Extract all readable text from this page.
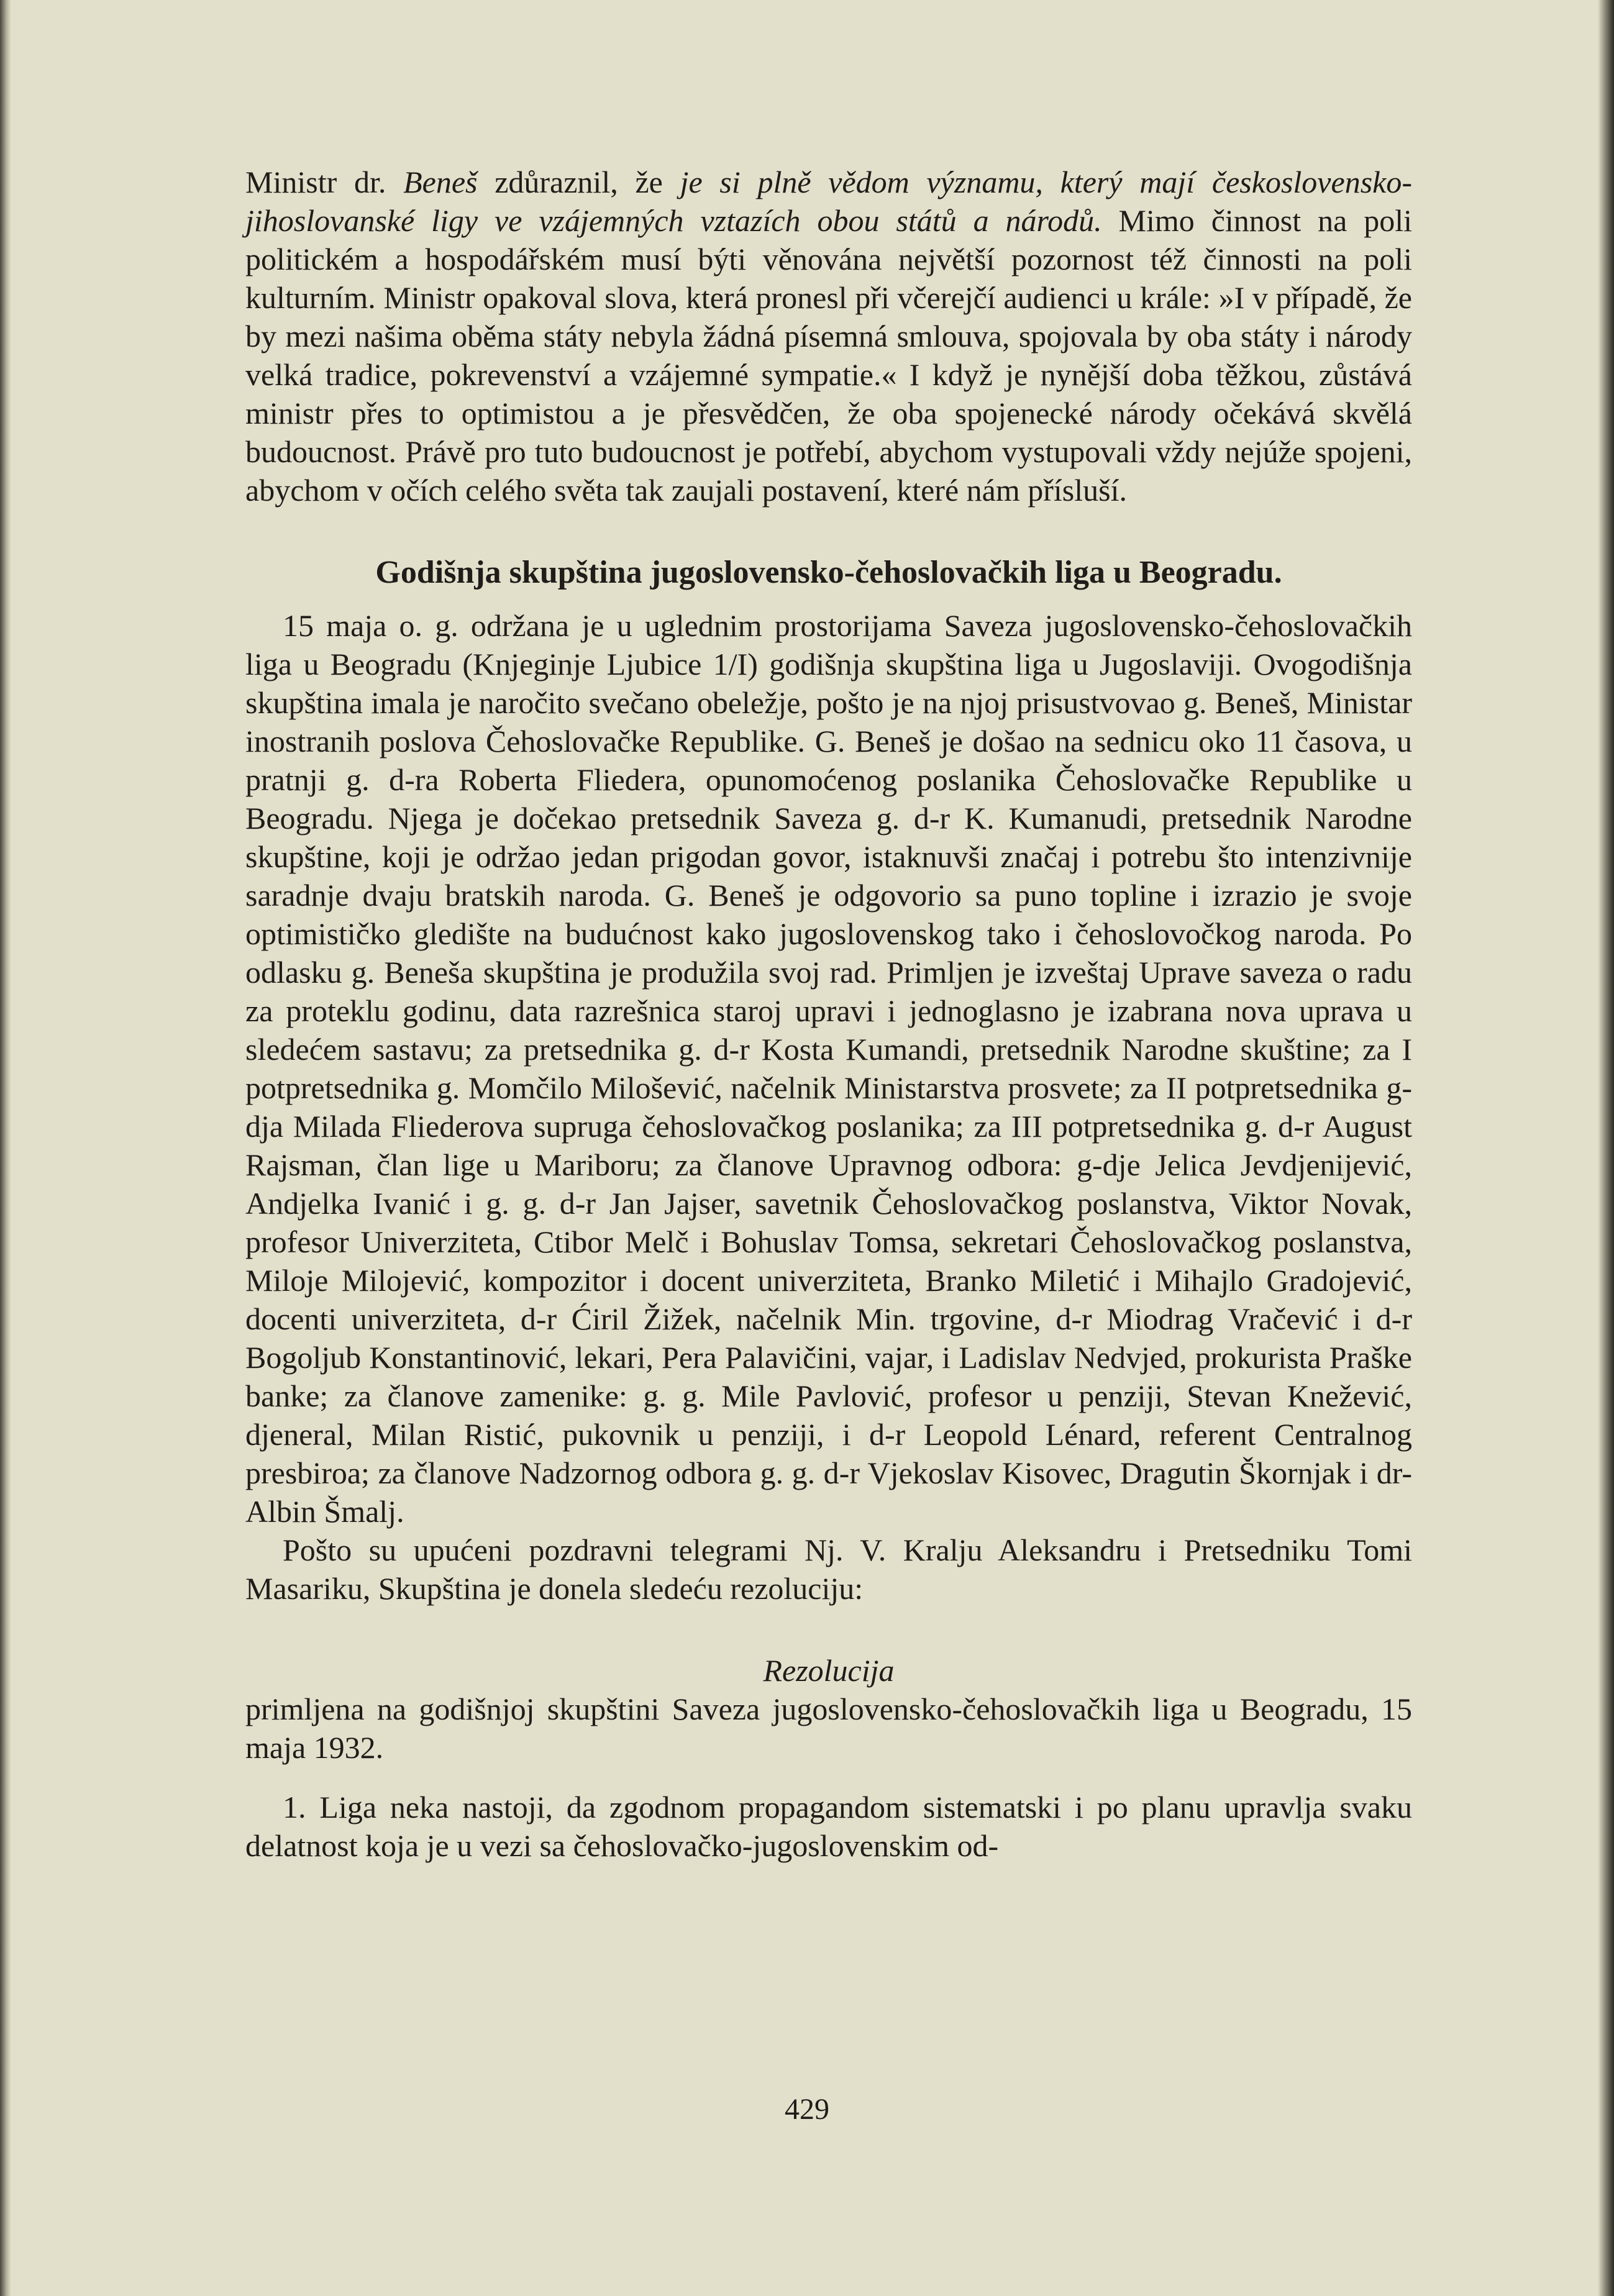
Ministr dr. Beneš zdůraznil, že je si plně vědom významu, který mají československo-jihoslovanské ligy ve vzájemných vztazích obou států a národů. Mimo činnost na poli politickém a hospodářském musí býti věnována největší pozornost též činnosti na poli kulturním. Ministr opakoval slova, která pronesl při včerejčí audienci u krále: »I v případě, že by mezi našima oběma státy nebyla žádná písemná smlouva, spojovala by oba státy i národy velká tradice, pokrevenství a vzájemné sympatie.« I když je nynější doba těžkou, zůstává ministr přes to optimistou a je přesvědčen, že oba spojenecké národy očekává skvělá budoucnost. Právě pro tuto budoucnost je potřebí, abychom vystupovali vždy nejúže spojeni, abychom v očích celého světa tak zaujali postavení, které nám přísluší.

Godišnja skupština jugoslovensko-čehoslovačkih liga u Beogradu.

15 maja o. g. održana je u uglednim prostorijama Saveza jugoslovensko-čehoslovačkih liga u Beogradu (Knjeginje Ljubice 1/I) godišnja skupština liga u Jugoslaviji. Ovogodišnja skupština imala je naročito svečano obeležje, pošto je na njoj prisustvovao g. Beneš, Ministar inostranih poslova Čehoslovačke Republike. G. Beneš je došao na sednicu oko 11 časova, u pratnji g. d-ra Roberta Fliedera, opunomoćenog poslanika Čehoslovačke Republike u Beogradu. Njega je dočekao pretsednik Saveza g. d-r K. Kumanudi, pretsednik Narodne skupštine, koji je održao jedan prigodan govor, istaknuvši značaj i potrebu što intenzivnije saradnje dvaju bratskih naroda. G. Beneš je odgovorio sa puno topline i izrazio je svoje optimističko gledište na budućnost kako jugoslovenskog tako i čehoslovočkog naroda. Po odlasku g. Beneša skupština je produžila svoj rad. Primljen je izveštaj Uprave saveza o radu za proteklu godinu, data razrešnica staroj upravi i jednoglasno je izabrana nova uprava u sledećem sastavu; za pretsednika g. d-r Kosta Kumandi, pretsednik Narodne skuštine; za I potpretsednika g. Momčilo Milošević, načelnik Ministarstva prosvete; za II potpretsednika g-dja Milada Fliederova supruga čehoslovačkog poslanika; za III potpretsednika g. d-r August Rajsman, član lige u Mariboru; za članove Upravnog odbora: g-dje Jelica Jevdjenijević, Andjelka Ivanić i g. g. d-r Jan Jajser, savetnik Čehoslovačkog poslanstva, Viktor Novak, profesor Univerziteta, Ctibor Melč i Bohuslav Tomsa, sekretari Čehoslovačkog poslanstva, Miloje Milojević, kompozitor i docent univerziteta, Branko Miletić i Mihajlo Gradojević, docenti univerziteta, d-r Ćiril Žižek, načelnik Min. trgovine, d-r Miodrag Vračević i d-r Bogoljub Konstantinović, lekari, Pera Palavičini, vajar, i Ladislav Nedvjed, prokurista Praške banke; za članove zamenike: g. g. Mile Pavlović, profesor u penziji, Stevan Knežević, djeneral, Milan Ristić, pukovnik u penziji, i d-r Leopold Lénard, referent Centralnog presbiroa; za članove Nadzornog odbora g. g. d-r Vjekoslav Kisovec, Dragutin Škornjak i dr- Albin Šmalj.

Pošto su upućeni pozdravni telegrami Nj. V. Kralju Aleksandru i Pretsedniku Tomi Masariku, Skupština je donela sledeću rezoluciju:

Rezolucija

primljena na godišnjoj skupštini Saveza jugoslovensko-čehoslovačkih liga u Beogradu, 15 maja 1932.

1. Liga neka nastoji, da zgodnom propagandom sistematski i po planu upravlja svaku delatnost koja je u vezi sa čehoslovačko-jugoslovenskim od-

429
